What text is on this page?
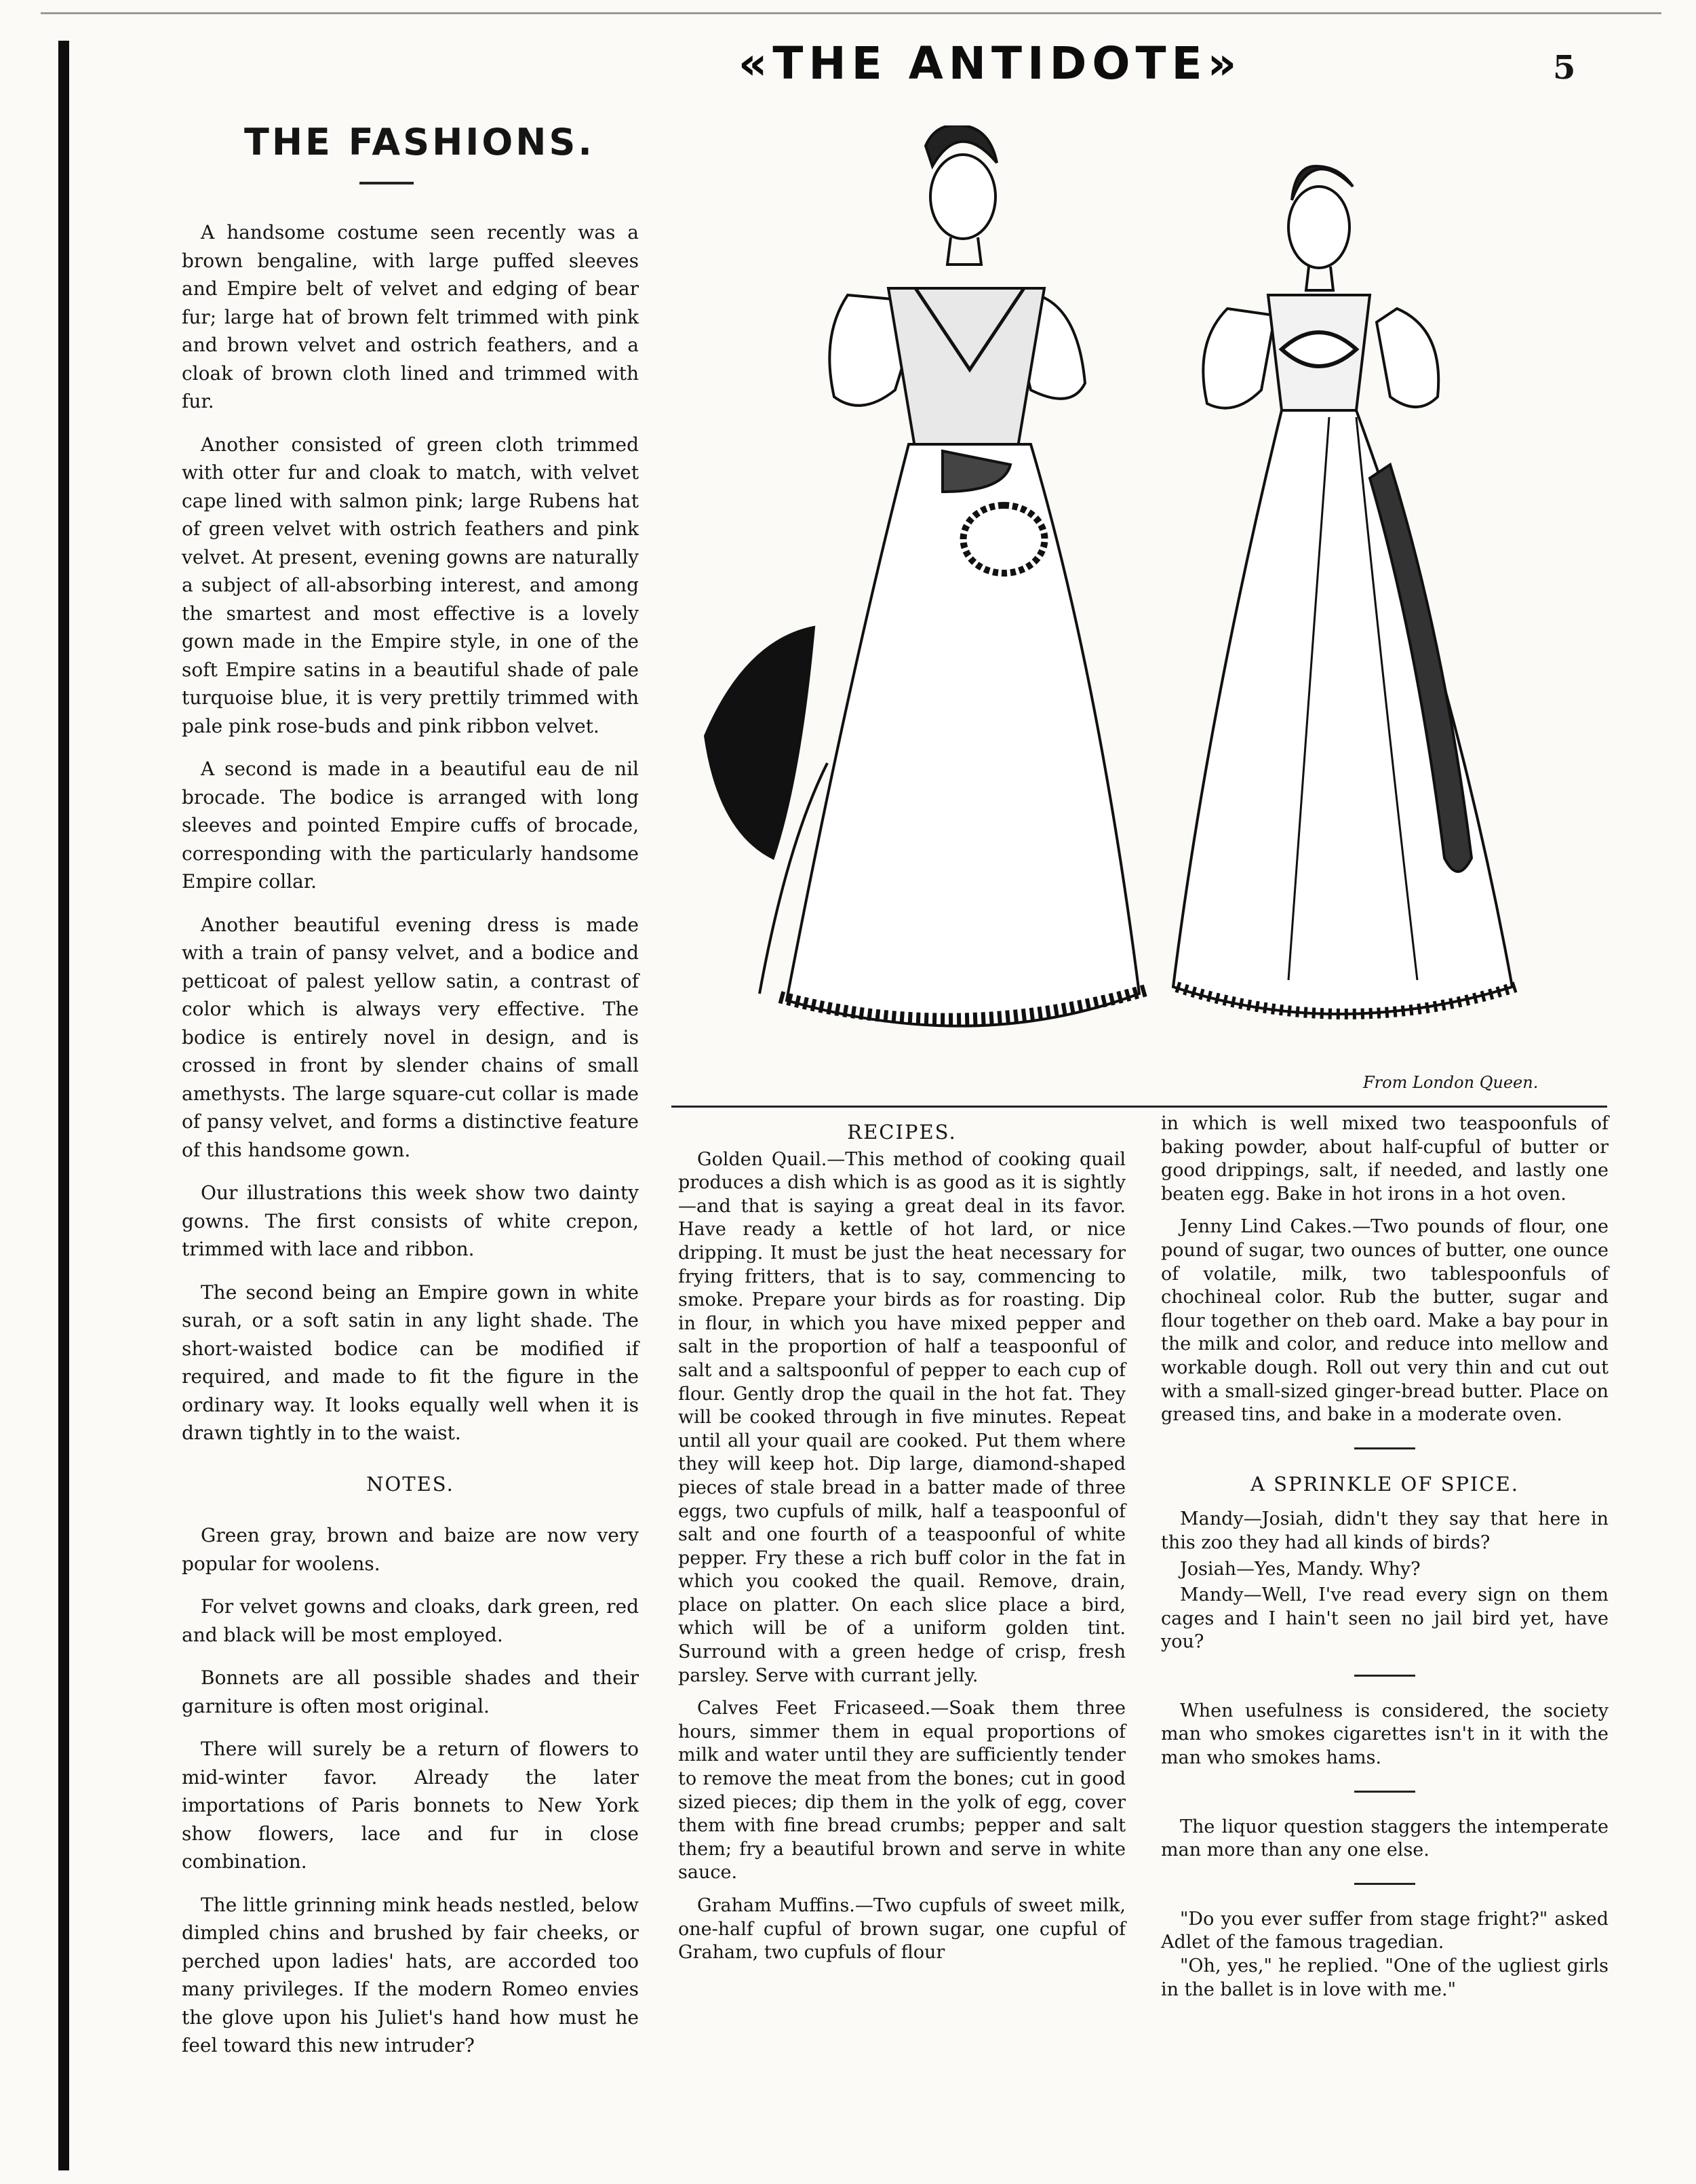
«THE ANTIDOTE»	5
THE FASHIONS.

A handsome costume seen recently was a brown bengaline, with large puffed sleeves and Empire belt of velvet and edging of bear fur; large hat of brown felt trimmed with pink and brown velvet and ostrich feathers, and a cloak of brown cloth lined and trimmed with fur.

Another consisted of green cloth trimmed with otter fur and cloak to match, with velvet cape lined with salmon pink; large Rubens hat of green velvet with ostrich feathers and pink velvet. At present, evening gowns are naturally a subject of all-absorbing interest, and among the smartest and most effective is a lovely gown made in the Empire style, in one of the soft Empire satins in a beautiful shade of pale turquoise blue, it is very prettily trimmed with pale pink rose-buds and pink ribbon velvet.

A second is made in a beautiful eau de nil brocade. The bodice is arranged with long sleeves and pointed Empire cuffs of brocade, corresponding with the particularly handsome Empire collar.

Another beautiful evening dress is made with a train of pansy velvet, and a bodice and petticoat of palest yellow satin, a contrast of color which is always very effective. The bodice is entirely novel in design, and is crossed in front by slender chains of small amethysts. The large square-cut collar is made of pansy velvet, and forms a distinctive feature of this handsome gown.

Our illustrations this week show two dainty gowns. The first consists of white crepon, trimmed with lace and ribbon.

The second being an Empire gown in white surah, or a soft satin in any light shade. The short-waisted bodice can be modified if required, and made to fit the figure in the ordinary way. It looks equally well when it is drawn tightly in to the waist.

NOTES.

Green gray, brown and baize are now very popular for woolens.

For velvet gowns and cloaks, dark green, red and black will be most employed.

Bonnets are all possible shades and their garniture is often most original.

There will surely be a return of flowers to mid-winter favor. Already the later importations of Paris bonnets to New York show flowers, lace and fur in close combination.

The little grinning mink heads nestled, below dimpled chins and brushed by fair cheeks, or perched upon ladies' hats, are accorded too many privileges. If the modern Romeo envies the glove upon his Juliet's hand how must he feel toward this new intruder?

From London Queen.
RECIPES.

Golden Quail.—This method of cooking quail produces a dish which is as good as it is sightly—and that is saying a great deal in its favor. Have ready a kettle of hot lard, or nice dripping. It must be just the heat necessary for frying fritters, that is to say, commencing to smoke. Prepare your birds as for roasting. Dip in flour, in which you have mixed pepper and salt in the proportion of half a teaspoonful of salt and a saltspoonful of pepper to each cup of flour. Gently drop the quail in the hot fat. They will be cooked through in five minutes. Repeat until all your quail are cooked. Put them where they will keep hot. Dip large, diamond-shaped pieces of stale bread in a batter made of three eggs, two cupfuls of milk, half a teaspoonful of salt and one fourth of a teaspoonful of white pepper. Fry these a rich buff color in the fat in which you cooked the quail. Remove, drain, place on platter. On each slice place a bird, which will be of a uniform golden tint. Surround with a green hedge of crisp, fresh parsley. Serve with currant jelly.

Calves Feet Fricaseed.—Soak them three hours, simmer them in equal proportions of milk and water until they are sufficiently tender to remove the meat from the bones; cut in good sized pieces; dip them in the yolk of egg, cover them with fine bread crumbs; pepper and salt them; fry a beautiful brown and serve in white sauce.

Graham Muffins.—Two cupfuls of sweet milk, one-half cupful of brown sugar, one cupful of Graham, two cupfuls of flour

in which is well mixed two teaspoonfuls of baking powder, about half-cupful of butter or good drippings, salt, if needed, and lastly one beaten egg. Bake in hot irons in a hot oven.

Jenny Lind Cakes.—Two pounds of flour, one pound of sugar, two ounces of butter, one ounce of volatile, milk, two tablespoonfuls of chochineal color. Rub the butter, sugar and flour together on theb oard. Make a bay pour in the milk and color, and reduce into mellow and workable dough. Roll out very thin and cut out with a small-sized ginger-bread butter. Place on greased tins, and bake in a moderate oven.

A SPRINKLE OF SPICE.

Mandy—Josiah, didn't they say that here in this zoo they had all kinds of birds?

Josiah—Yes, Mandy. Why?

Mandy—Well, I've read every sign on them cages and I hain't seen no jail bird yet, have you?

When usefulness is considered, the society man who smokes cigarettes isn't in it with the man who smokes hams.

The liquor question staggers the intemperate man more than any one else.

"Do you ever suffer from stage fright?" asked Adlet of the famous tragedian.

"Oh, yes," he replied. "One of the ugliest girls in the ballet is in love with me."
